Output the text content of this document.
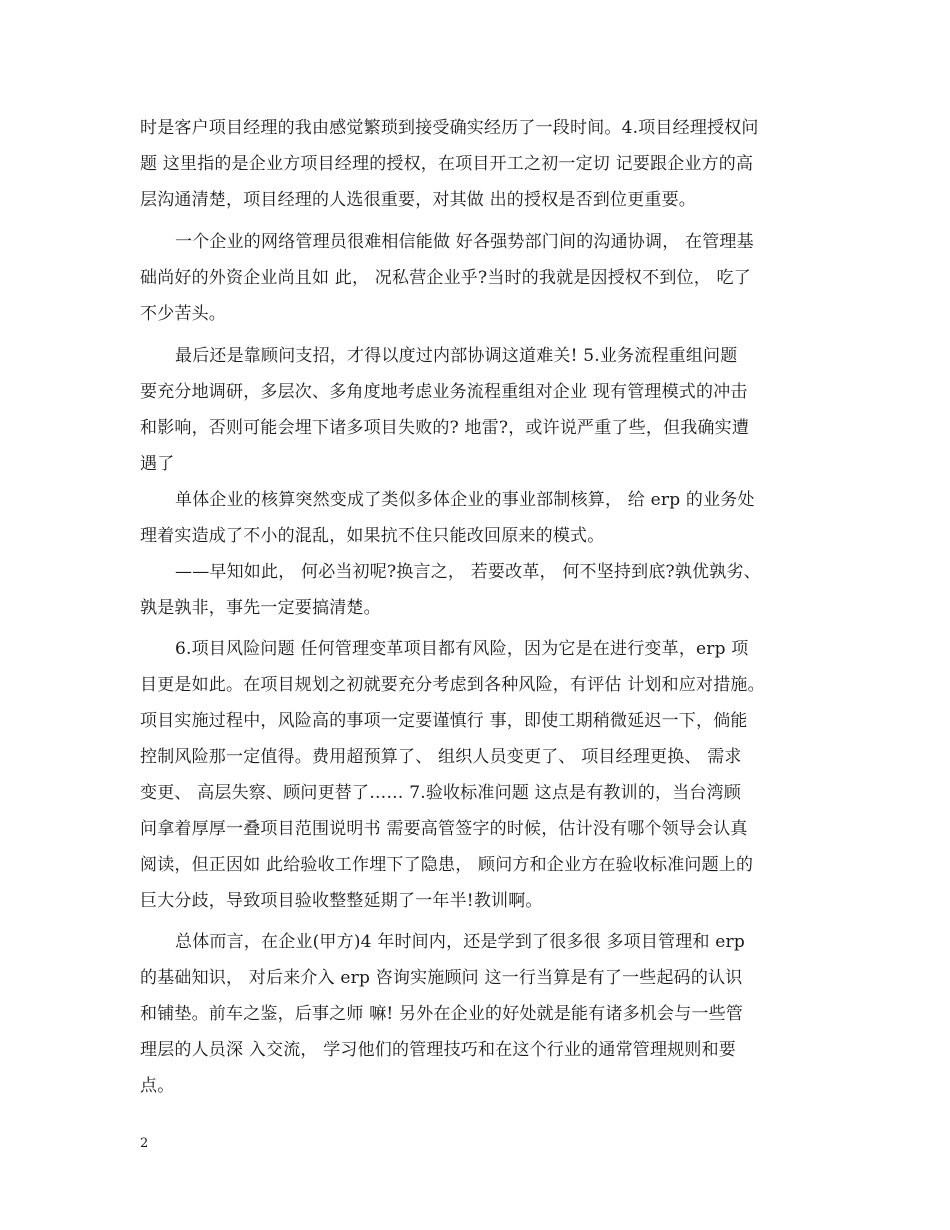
时是客户项目经理的我由感觉繁琐到接受确实经历了一段时间。4.项目经理授权问
题 这里指的是企业方项目经理的授权，在项目开工之初一定切 记要跟企业方的高
层沟通清楚，项目经理的人选很重要，对其做 出的授权是否到位更重要。
一个企业的网络管理员很难相信能做 好各强势部门间的沟通协调， 在管理基
础尚好的外资企业尚且如 此， 况私营企业乎?当时的我就是因授权不到位， 吃了
不少苦头。
最后还是靠顾问支招，才得以度过内部协调这道难关! 5.业务流程重组问题
要充分地调研，多层次、多角度地考虑业务流程重组对企业 现有管理模式的冲击
和影响，否则可能会埋下诸多项目失败的? 地雷?，或许说严重了些，但我确实遭
遇了
单体企业的核算突然变成了类似多体企业的事业部制核算， 给 erp 的业务处
理着实造成了不小的混乱，如果抗不住只能改回原来的模式。
——早知如此， 何必当初呢?换言之， 若要改革， 何不坚持到底?孰优孰劣、
孰是孰非，事先一定要搞清楚。
6.项目风险问题 任何管理变革项目都有风险，因为它是在进行变革，erp 项
目更是如此。在项目规划之初就要充分考虑到各种风险，有评估 计划和应对措施。
项目实施过程中，风险高的事项一定要谨慎行 事，即使工期稍微延迟一下，倘能
控制风险那一定值得。费用超预算了、 组织人员变更了、 项目经理更换、 需求
变更、 高层失察、顾问更替了…… 7.验收标准问题 这点是有教训的，当台湾顾
问拿着厚厚一叠项目范围说明书 需要高管签字的时候，估计没有哪个领导会认真
阅读，但正因如 此给验收工作埋下了隐患， 顾问方和企业方在验收标准问题上的
巨大分歧，导致项目验收整整延期了一年半!教训啊。
总体而言，在企业(甲方)4 年时间内，还是学到了很多很 多项目管理和 erp
的基础知识， 对后来介入 erp 咨询实施顾问 这一行当算是有了一些起码的认识
和铺垫。前车之鉴，后事之师 嘛! 另外在企业的好处就是能有诸多机会与一些管
理层的人员深 入交流， 学习他们的管理技巧和在这个行业的通常管理规则和要
点。
2
